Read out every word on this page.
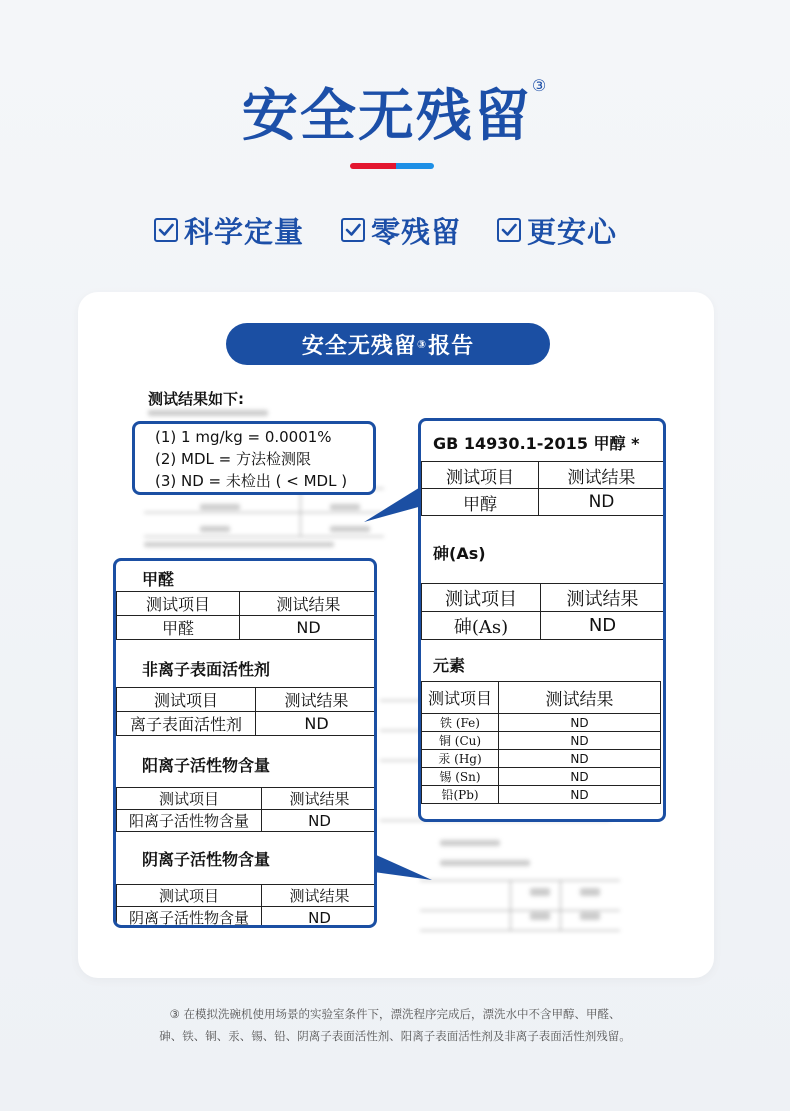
安全无残留③
科学定量 零残留 更安心
安全无残留 ③ 报告
测试结果如下:
(1) 1 mg/kg = 0.0001%
(2) MDL = 方法检测限
(3) ND = 未检出 ( < MDL )
GB 14930.1-2015 甲醇 *
测试项目	测试结果
甲醇	ND
砷(As)
测试项目	测试结果
砷(As)	ND
元素
测试项目	测试结果
铁 (Fe)	ND
铜 (Cu)	ND
汞 (Hg)	ND
锡 (Sn)	ND
铅(Pb)	ND
甲醛
测试项目	测试结果
甲醛	ND
非离子表面活性剂
测试项目	测试结果
离子表面活性剂	ND
阳离子活性物含量
测试项目	测试结果
阳离子活性物含量	ND
阴离子活性物含量
测试项目	测试结果
阴离子活性物含量	ND
③ 在模拟洗碗机使用场景的实验室条件下，漂洗程序完成后，漂洗水中不含甲醇、甲醛、
砷、铁、铜、汞、锡、铅、阴离子表面活性剂、阳离子表面活性剂及非离子表面活性剂残留。
